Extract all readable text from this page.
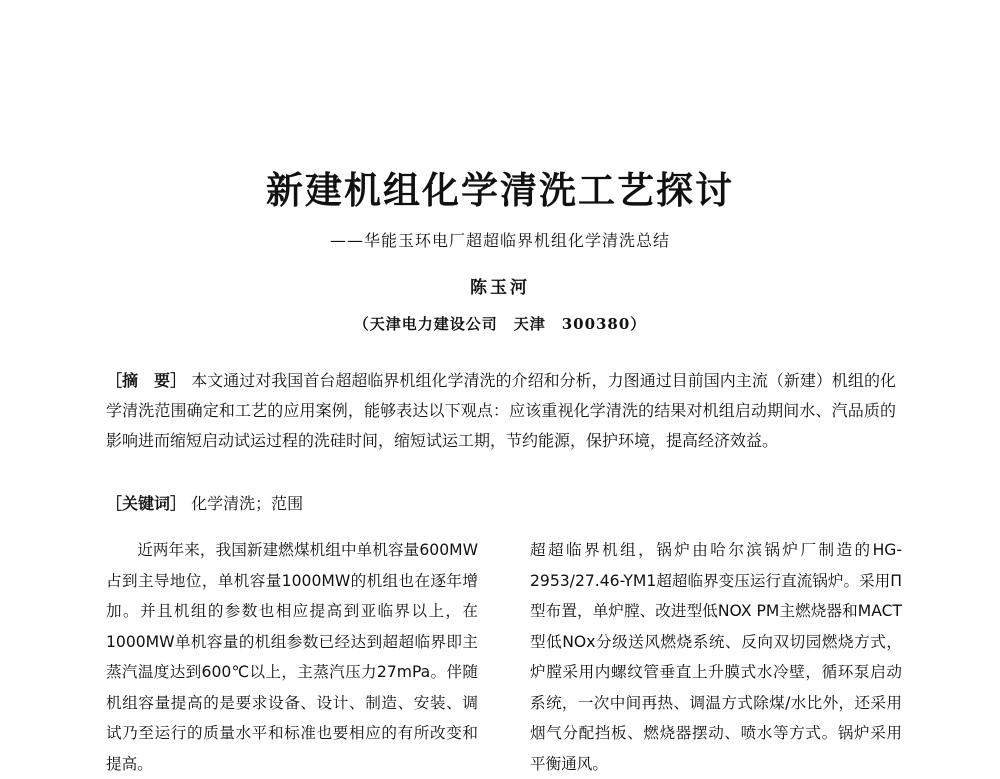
新建机组化学清洗工艺探讨
——华能玉环电厂超超临界机组化学清洗总结
陈玉河
（天津电力建设公司　天津　300380）
［摘　要］ 本文通过对我国首台超超临界机组化学清洗的介绍和分析，力图通过目前国内主流（新建）机组的化学清洗范围确定和工艺的应用案例，能够表达以下观点：应该重视化学清洗的结果对机组启动期间水、汽品质的影响进而缩短启动试运过程的洗硅时间，缩短试运工期，节约能源，保护环境，提高经济效益。
［关键词］ 化学清洗；范围

近两年来，我国新建燃煤机组中单机容量600MW占到主导地位，单机容量1000MW的机组也在逐年增加。并且机组的参数也相应提高到亚临界以上，在1000MW单机容量的机组参数已经达到超超临界即主蒸汽温度达到600℃以上，主蒸汽压力27mPa。伴随机组容量提高的是要求设备、设计、制造、安装、调试乃至运行的质量水平和标准也要相应的有所改变和提高。

超超临界机组，锅炉由哈尔滨锅炉厂制造的HG-2953/27.46-YM1超超临界变压运行直流锅炉。采用Π型布置，单炉膛、改进型低NOX PM主燃烧器和MACT型低NOx分级送风燃烧系统、反向双切园燃烧方式，炉膛采用内螺纹管垂直上升膜式水冷壁，循环泵启动系统，一次中间再热、调温方式除煤/水比外，还采用烟气分配挡板、燃烧器摆动、喷水等方式。锅炉采用平衡通风。
